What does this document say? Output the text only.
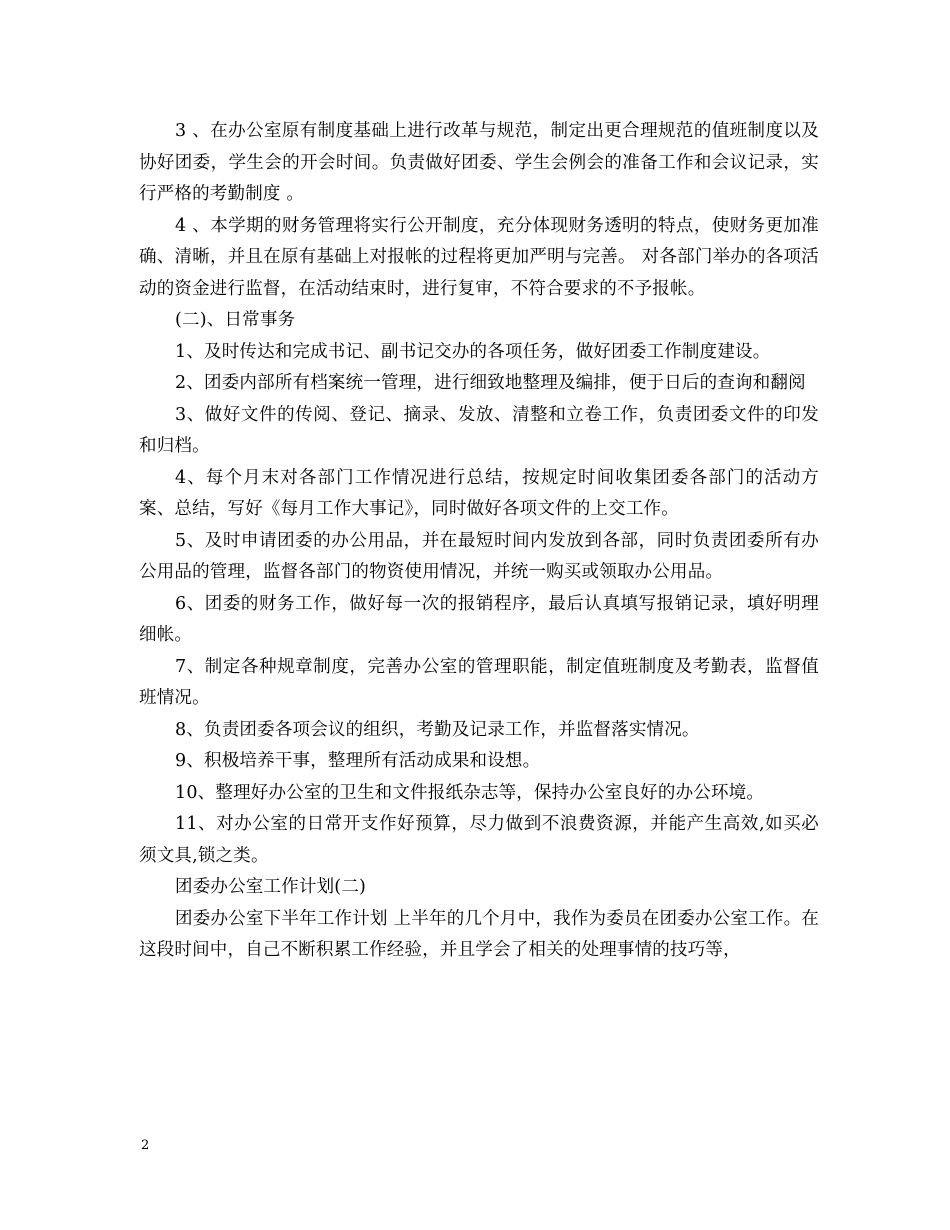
3 、在办公室原有制度基础上进行改革与规范，制定出更合理规范的值班制度以及协好团委，学生会的开会时间。负责做好团委、学生会例会的准备工作和会议记录，实行严格的考勤制度 。

4 、本学期的财务管理将实行公开制度，充分体现财务透明的特点，使财务更加准确、清晰，并且在原有基础上对报帐的过程将更加严明与完善。 对各部门举办的各项活动的资金进行监督，在活动结束时，进行复审，不符合要求的不予报帐。

(二)、日常事务

1、及时传达和完成书记、副书记交办的各项任务，做好团委工作制度建设。

2、团委内部所有档案统一管理，进行细致地整理及编排，便于日后的查询和翻阅

3、做好文件的传阅、登记、摘录、发放、清整和立卷工作，负责团委文件的印发和归档。

4、每个月末对各部门工作情况进行总结，按规定时间收集团委各部门的活动方案、总结，写好《每月工作大事记》，同时做好各项文件的上交工作。

5、及时申请团委的办公用品，并在最短时间内发放到各部，同时负责团委所有办公用品的管理，监督各部门的物资使用情况，并统一购买或领取办公用品。

6、团委的财务工作，做好每一次的报销程序，最后认真填写报销记录，填好明理细帐。

7、制定各种规章制度，完善办公室的管理职能，制定值班制度及考勤表，监督值班情况。

8、负责团委各项会议的组织，考勤及记录工作，并监督落实情况。

9、积极培养干事，整理所有活动成果和设想。

10、整理好办公室的卫生和文件报纸杂志等，保持办公室良好的办公环境。

11、对办公室的日常开支作好预算，尽力做到不浪费资源，并能产生高效,如买必须文具,锁之类。

团委办公室工作计划(二)

团委办公室下半年工作计划 上半年的几个月中，我作为委员在团委办公室工作。在这段时间中，自己不断积累工作经验，并且学会了相关的处理事情的技巧等，

2
